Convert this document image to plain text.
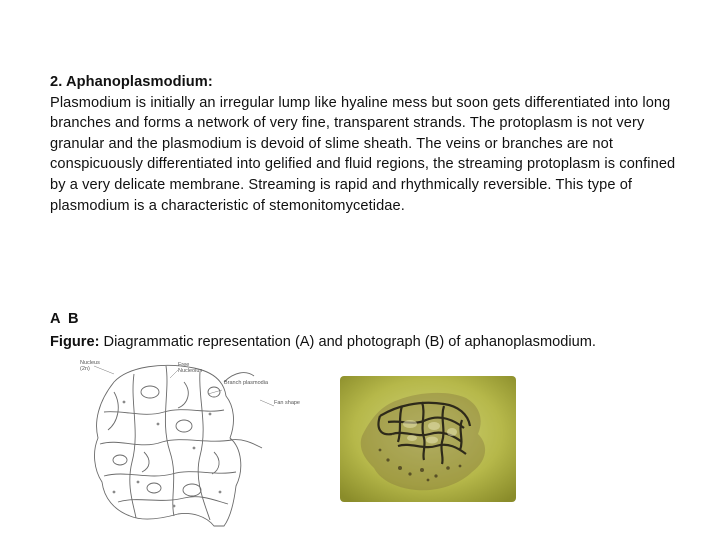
2. Aphanoplasmodium:

Plasmodium is initially an irregular lump like hyaline mess but soon gets differentiated into long branches and forms a network of very fine, transparent strands. The protoplasm is not very granular and the plasmodium is devoid of slime sheath. The veins or branches are not conspicuously differentiated into gelified and fluid regions, the streaming protoplasm is confined by a very delicate membrane. Streaming is rapid and rhythmically reversible. This type of plasmodium is a characteristic of stemonitomycetidae.

A B
Figure: Diagrammatic representation (A) and photograph (B) of aphanoplasmodium.
Nucleus
(2n)
Free
Nucleolus
Branch plasmodia
Fan shape
